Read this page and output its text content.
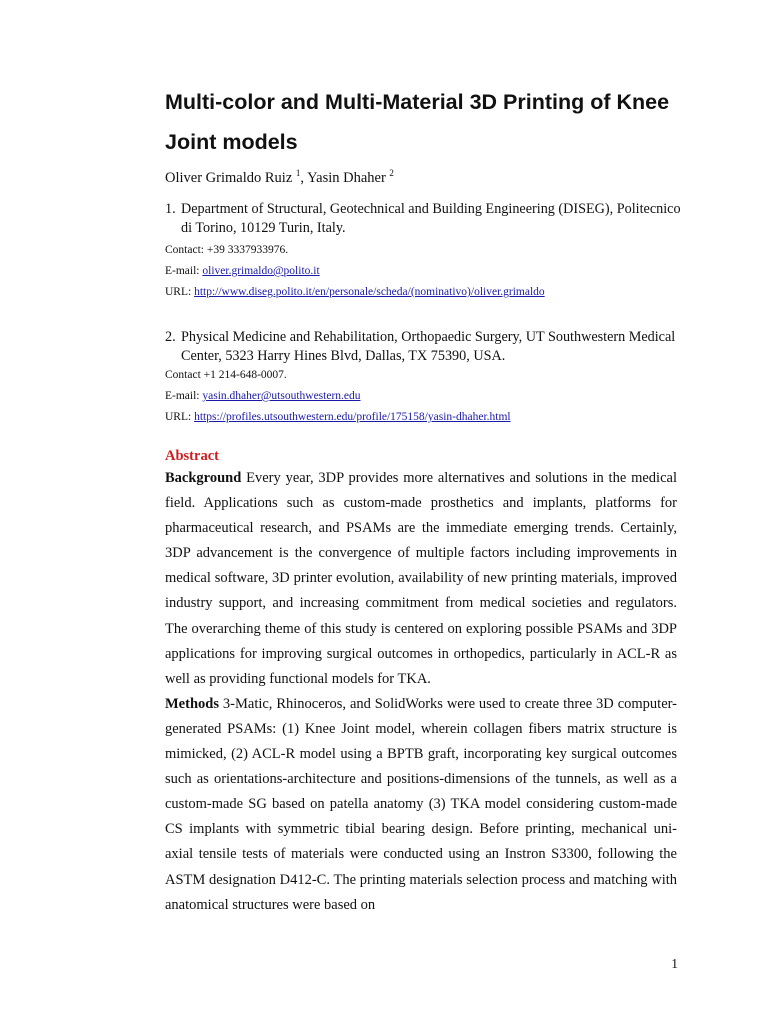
Multi-color and Multi-Material 3D Printing of Knee Joint models

Oliver Grimaldo Ruiz $^1$, Yasin Dhaher $^2$

1. Department of Structural, Geotechnical and Building Engineering (DISEG), Politecnico di Torino, 10129 Turin, Italy.

Contact: +39 3337933976.

E-mail: oliver.grimaldo@polito.it

URL: http://www.diseg.polito.it/en/personale/scheda/(nominativo)/oliver.grimaldo

2. Physical Medicine and Rehabilitation, Orthopaedic Surgery, UT Southwestern Medical Center, 5323 Harry Hines Blvd, Dallas, TX 75390, USA.

Contact +1 214-648-0007.

E-mail: yasin.dhaher@utsouthwestern.edu

URL: https://profiles.utsouthwestern.edu/profile/175158/yasin-dhaher.html

Abstract

Background Every year, 3DP provides more alternatives and solutions in the medical field. Applications such as custom-made prosthetics and implants, platforms for pharmaceutical research, and PSAMs are the immediate emerging trends. Certainly, 3DP advancement is the convergence of multiple factors including improvements in medical software, 3D printer evolution, availability of new printing materials, improved industry support, and increasing commitment from medical societies and regulators. The overarching theme of this study is centered on exploring possible PSAMs and 3DP applications for improving surgical outcomes in orthopedics, particularly in ACL-R as well as providing functional models for TKA.

Methods 3-Matic, Rhinoceros, and SolidWorks were used to create three 3D computer-generated PSAMs: (1) Knee Joint model, wherein collagen fibers matrix structure is mimicked, (2) ACL-R model using a BPTB graft, incorporating key surgical outcomes such as orientations-architecture and positions-dimensions of the tunnels, as well as a custom-made SG based on patella anatomy (3) TKA model considering custom-made CS implants with symmetric tibial bearing design. Before printing, mechanical uni-axial tensile tests of materials were conducted using an Instron S3300, following the ASTM designation D412-C. The printing materials selection process and matching with anatomical structures were based on

1
